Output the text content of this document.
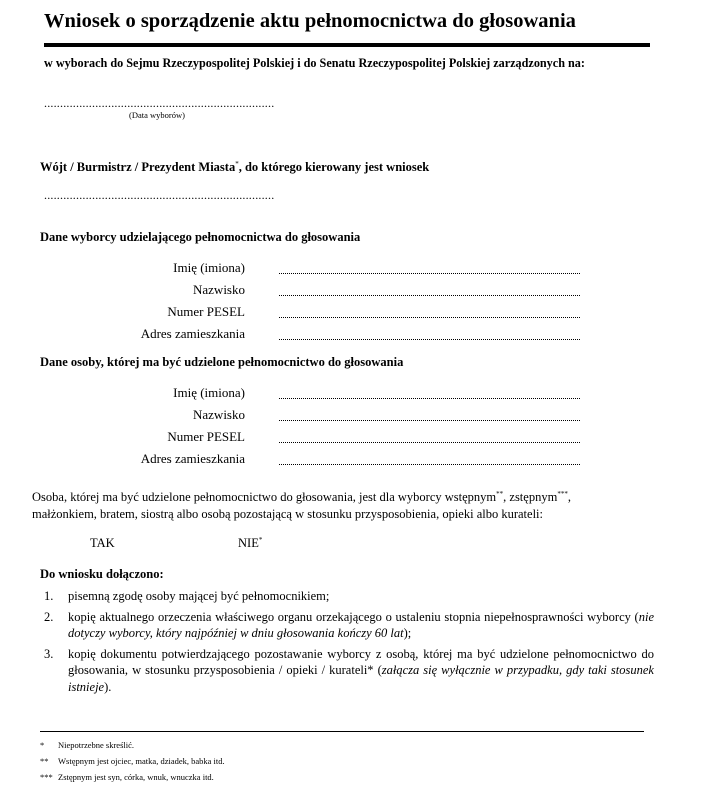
Wniosek o sporządzenie aktu pełnomocnictwa do głosowania
w wyborach do Sejmu Rzeczypospolitej Polskiej i do Senatu Rzeczypospolitej Polskiej zarządzonych na:
........................................................................
(Data wyborów)
Wójt / Burmistrz / Prezydent Miasta*, do którego kierowany jest wniosek
........................................................................
Dane wyborcy udzielającego pełnomocnictwa do głosowania
Imię (imiona)
Nazwisko
Numer PESEL
Adres zamieszkania
Dane osoby, której ma być udzielone pełnomocnictwo do głosowania
Imię (imiona)
Nazwisko
Numer PESEL
Adres zamieszkania
Osoba, której ma być udzielone pełnomocnictwo do głosowania, jest dla wyborcy wstępnym**, zstępnym***, małżonkiem, bratem, siostrą albo osobą pozostającą w stosunku przysposobienia, opieki albo kurateli:
TAK	NIE*
Do wniosku dołączono:
1.	pisemną zgodę osoby mającej być pełnomocnikiem;
2.	kopię aktualnego orzeczenia właściwego organu orzekającego o ustaleniu stopnia niepełnosprawności wyborcy (nie dotyczy wyborcy, który najpóźniej w dniu głosowania kończy 60 lat);
3.	kopię dokumentu potwierdzającego pozostawanie wyborcy z osobą, której ma być udzielone pełnomocnictwo do głosowania, w stosunku przysposobienia / opieki / kurateli* (załącza się wyłącznie w przypadku, gdy taki stosunek istnieje).
* Niepotrzebne skreślić.
** Wstępnym jest ojciec, matka, dziadek, babka itd.
*** Zstępnym jest syn, córka, wnuk, wnuczka itd.
